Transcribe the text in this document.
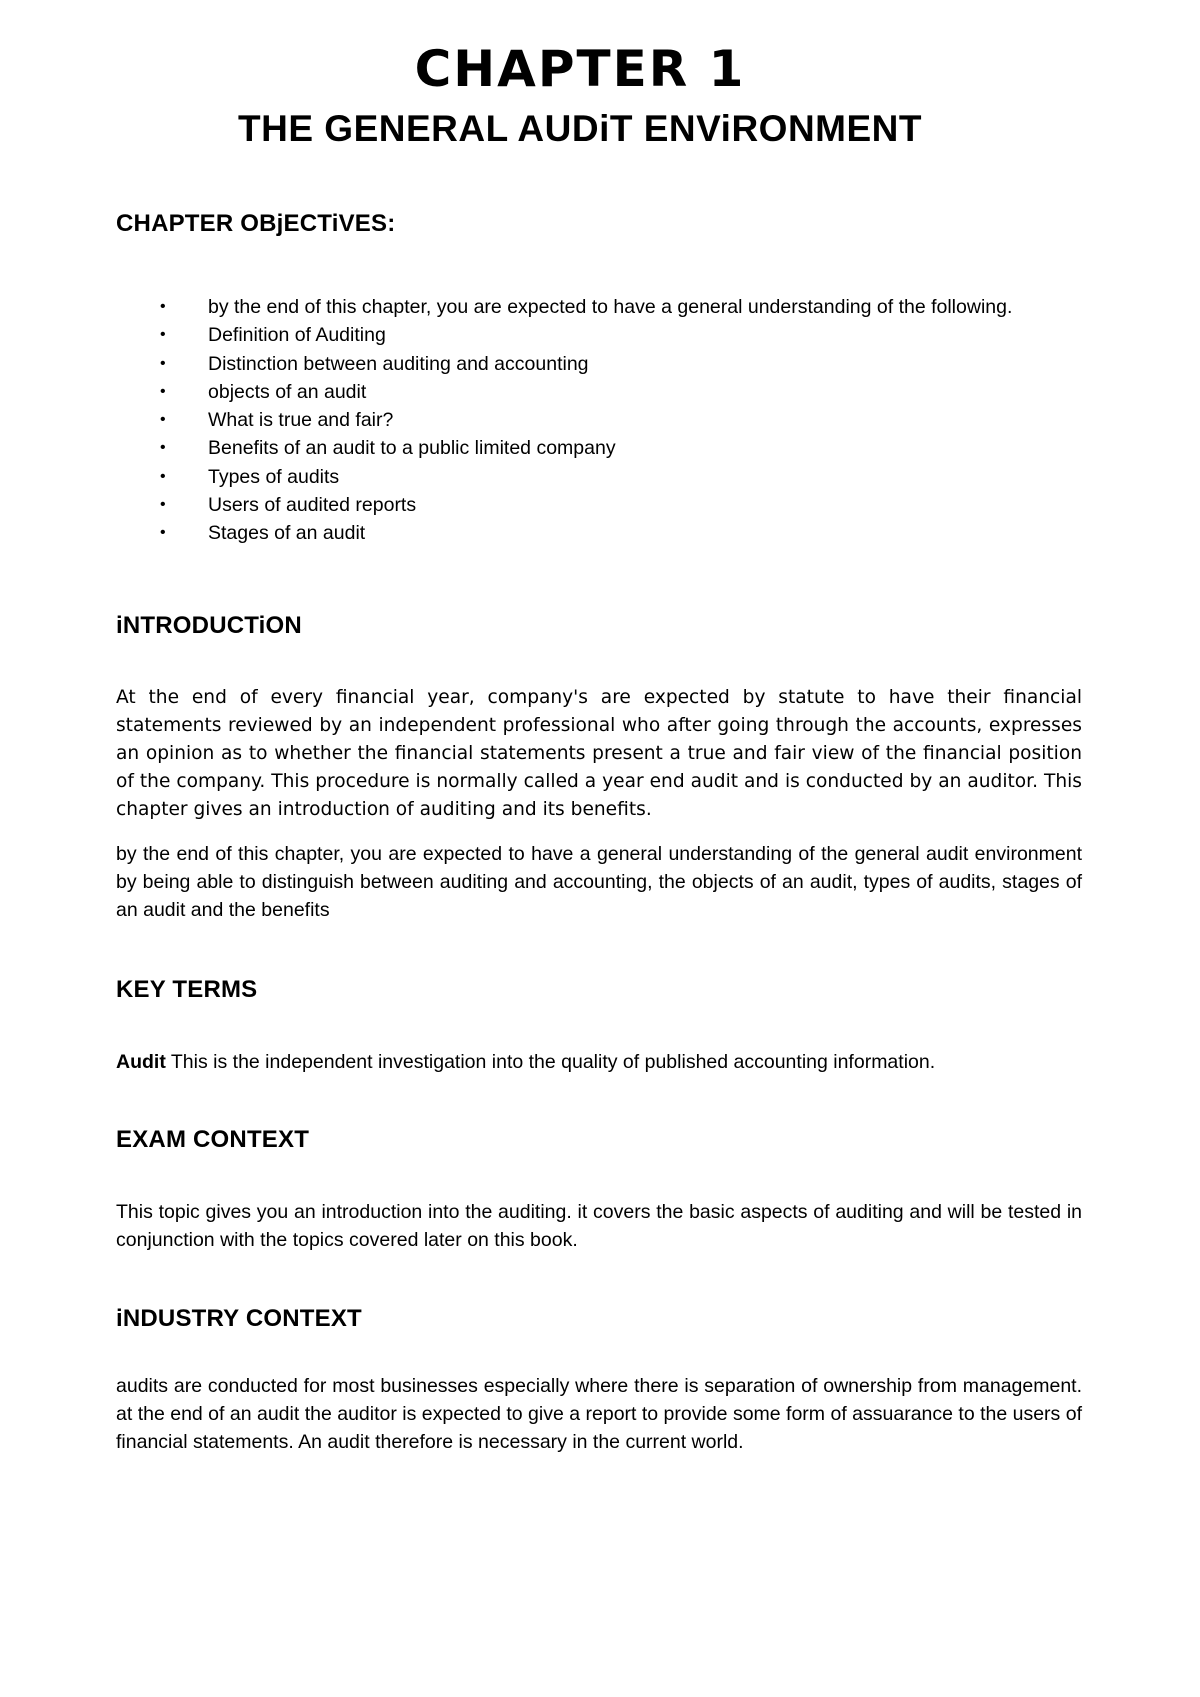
CHAPTER 1
THE GENERAL AUDiT ENViRONMENT
CHAPTER OBjECTiVES:
• by the end of this chapter, you are expected to have a general understanding of the following.
• Definition of Auditing
• Distinction between auditing and accounting
• objects of an audit
• What is true and fair?
• Benefits of an audit to a public limited company
• Types of audits
• Users of audited reports
• Stages of an audit
iNTRODUCTiON

At the end of every financial year, company's are expected by statute to have their financial statements reviewed by an independent professional who after going through the accounts, expresses an opinion as to whether the financial statements present a true and fair view of the financial position of the company. This procedure is normally called a year end audit and is conducted by an auditor. This chapter gives an introduction of auditing and its benefits.

by the end of this chapter, you are expected to have a general understanding of the general audit environment by being able to distinguish between auditing and accounting, the objects of an audit, types of audits, stages of an audit and the benefits

KEY TERMS

Audit This is the independent investigation into the quality of published accounting information.

EXAM CONTEXT

This topic gives you an introduction into the auditing. it covers the basic aspects of auditing and will be tested in conjunction with the topics covered later on this book.

iNDUSTRY CONTEXT

audits are conducted for most businesses especially where there is separation of ownership from management. at the end of an audit the auditor is expected to give a report to provide some form of assuarance to the users of financial statements. An audit therefore is necessary in the current world.
